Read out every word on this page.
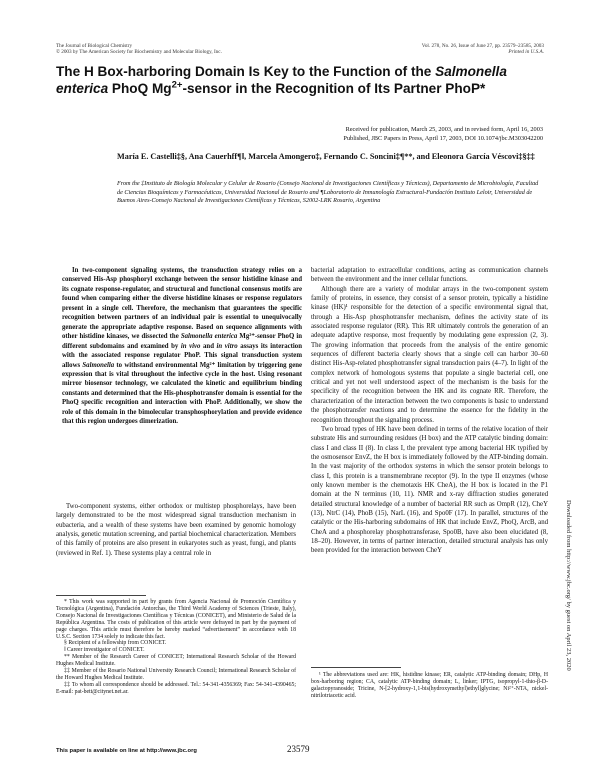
The Journal of Biological Chemistry
© 2003 by The American Society for Biochemistry and Molecular Biology, Inc.
Vol. 278, No. 26, Issue of June 27, pp. 23579–23585, 2003
Printed in U.S.A.
The H Box-harboring Domain Is Key to the Function of the Salmonella enterica PhoQ $Mg^{2+}$-sensor in the Recognition of Its Partner PhoP*
Received for publication, March 25, 2003, and in revised form, April 16, 2003
Published, JBC Papers in Press, April 17, 2003, DOI 10.1074/jbc.M303042200
María E. Castelli‡§, Ana Cauerhff¶‖, Marcela Amongero‡, Fernando C. Soncini‡¶**, and Eleonora García Véscovi‡§‡‡
From the ‡Instituto de Biología Molecular y Celular de Rosario (Consejo Nacional de Investigaciones Científicas y Técnicas), Departamento de Microbiología, Facultad de Ciencias Bioquímicas y Farmacéuticas, Universidad Nacional de Rosario and ¶Laboratorio de Inmunología Estructural-Fundación Instituto Leloir, Universidad de Buenos Aires-Consejo Nacional de Investigaciones Científicas y Técnicas, S2002-LRK Rosario, Argentina

In two-component signaling systems, the transduction strategy relies on a conserved His-Asp phosphoryl exchange between the sensor histidine kinase and its cognate response-regulator, and structural and functional consensus motifs are found when comparing either the diverse histidine kinases or response regulators present in a single cell. Therefore, the mechanism that guarantees the specific recognition between partners of an individual pair is essential to unequivocally generate the appropriate adaptive response. Based on sequence alignments with other histidine kinases, we dissected the Salmonella enterica Mg²⁺-sensor PhoQ in different subdomains and examined by in vivo and in vitro assays its interaction with the associated response regulator PhoP. This signal transduction system allows Salmonella to withstand environmental Mg²⁺ limitation by triggering gene expression that is vital throughout the infective cycle in the host. Using resonant mirror biosensor technology, we calculated the kinetic and equilibrium binding constants and determined that the His-phosphotransfer domain is essential for the PhoQ specific recognition and interaction with PhoP. Additionally, we show the role of this domain in the bimolecular transphosphorylation and provide evidence that this region undergoes dimerization.

Two-component systems, either orthodox or multistep phosphorelays, have been largely demonstrated to be the most widespread signal transduction mechanism in eubacteria, and a wealth of these systems have been examined by genomic homology analysis, genetic mutation screening, and partial biochemical characterization. Members of this family of proteins are also present in eukaryotes such as yeast, fungi, and plants (reviewed in Ref. 1). These systems play a central role in

bacterial adaptation to extracellular conditions, acting as communication channels between the environment and the inner cellular functions.

Although there are a variety of modular arrays in the two-component system family of proteins, in essence, they consist of a sensor protein, typically a histidine kinase (HK)¹ responsible for the detection of a specific environmental signal that, through a His-Asp phosphotransfer mechanism, defines the activity state of its associated response regulator (RR). This RR ultimately controls the generation of an adequate adaptive response, most frequently by modulating gene expression (2, 3). The growing information that proceeds from the analysis of the entire genomic sequences of different bacteria clearly shows that a single cell can harbor 30–60 distinct His-Asp-related phosphotransfer signal transduction pairs (4–7). In light of the complex network of homologous systems that populate a single bacterial cell, one critical and yet not well understood aspect of the mechanism is the basis for the specificity of the recognition between the HK and its cognate RR. Therefore, the characterization of the interaction between the two components is basic to understand the phosphotransfer reactions and to determine the essence for the fidelity in the recognition throughout the signaling process.

Two broad types of HK have been defined in terms of the relative location of their substrate His and surrounding residues (H box) and the ATP catalytic binding domain: class I and class II (8). In class I, the prevalent type among bacterial HK typified by the osmosensor EnvZ, the H box is immediately followed by the ATP-binding domain. In the vast majority of the orthodox systems in which the sensor protein belongs to class I, this protein is a transmembrane receptor (9). In the type II enzymes (whose only known member is the chemotaxis HK CheA), the H box is located in the P1 domain at the N terminus (10, 11). NMR and x-ray diffraction studies generated detailed structural knowledge of a number of bacterial RR such as OmpR (12), CheY (13), NtrC (14), PhoB (15), NarL (16), and Spo0F (17). In parallel, structures of the catalytic or the His-harboring subdomains of HK that include EnvZ, PhoQ, ArcB, and CheA and a phosphorelay phosphotransferase, Spo0B, have also been elucidated (8, 18–20). However, in terms of partner interaction, detailed structural analysis has only been provided for the interaction between CheY

* This work was supported in part by grants from Agencia Nacional de Promoción Científica y Tecnológica (Argentina), Fundación Antorchas, the Third World Academy of Sciences (Trieste, Italy), Consejo Nacional de Investigaciones Científicas y Técnicas (CONICET), and Ministerio de Salud de la República Argentina. The costs of publication of this article were defrayed in part by the payment of page charges. This article must therefore be hereby marked “advertisement” in accordance with 18 U.S.C. Section 1734 solely to indicate this fact.

§ Recipient of a fellowship from CONICET.

‖ Career investigator of CONICET.

** Member of the Research Career of CONICET; International Research Scholar of the Howard Hughes Medical Institute.

‡‡ Member of the Rosario National University Research Council; International Research Scholar of the Howard Hughes Medical Institute.

‡‡ To whom all correspondence should be addressed. Tel.: 54-341-4356369; Fax: 54-341-4390465; E-mail: pat-bett@citynet.net.ar.

¹ The abbreviations used are: HK, histidine kinase; ER, catalytic ATP-binding domain; DHp, H box-harboring region; CA, catalytic ATP-binding domain; L, linker; IPTG, isopropyl-1-thio-β-D-galactopyranoside; Tricine, N-[2-hydroxy-1,1-bis(hydroxymethyl)ethyl]glycine; Ni²⁺-NTA, nickel-nitrilotriacetic acid.

This paper is available on line at http://www.jbc.org	23579
Downloaded from http://www.jbc.org/ by guest on April 23, 2020
